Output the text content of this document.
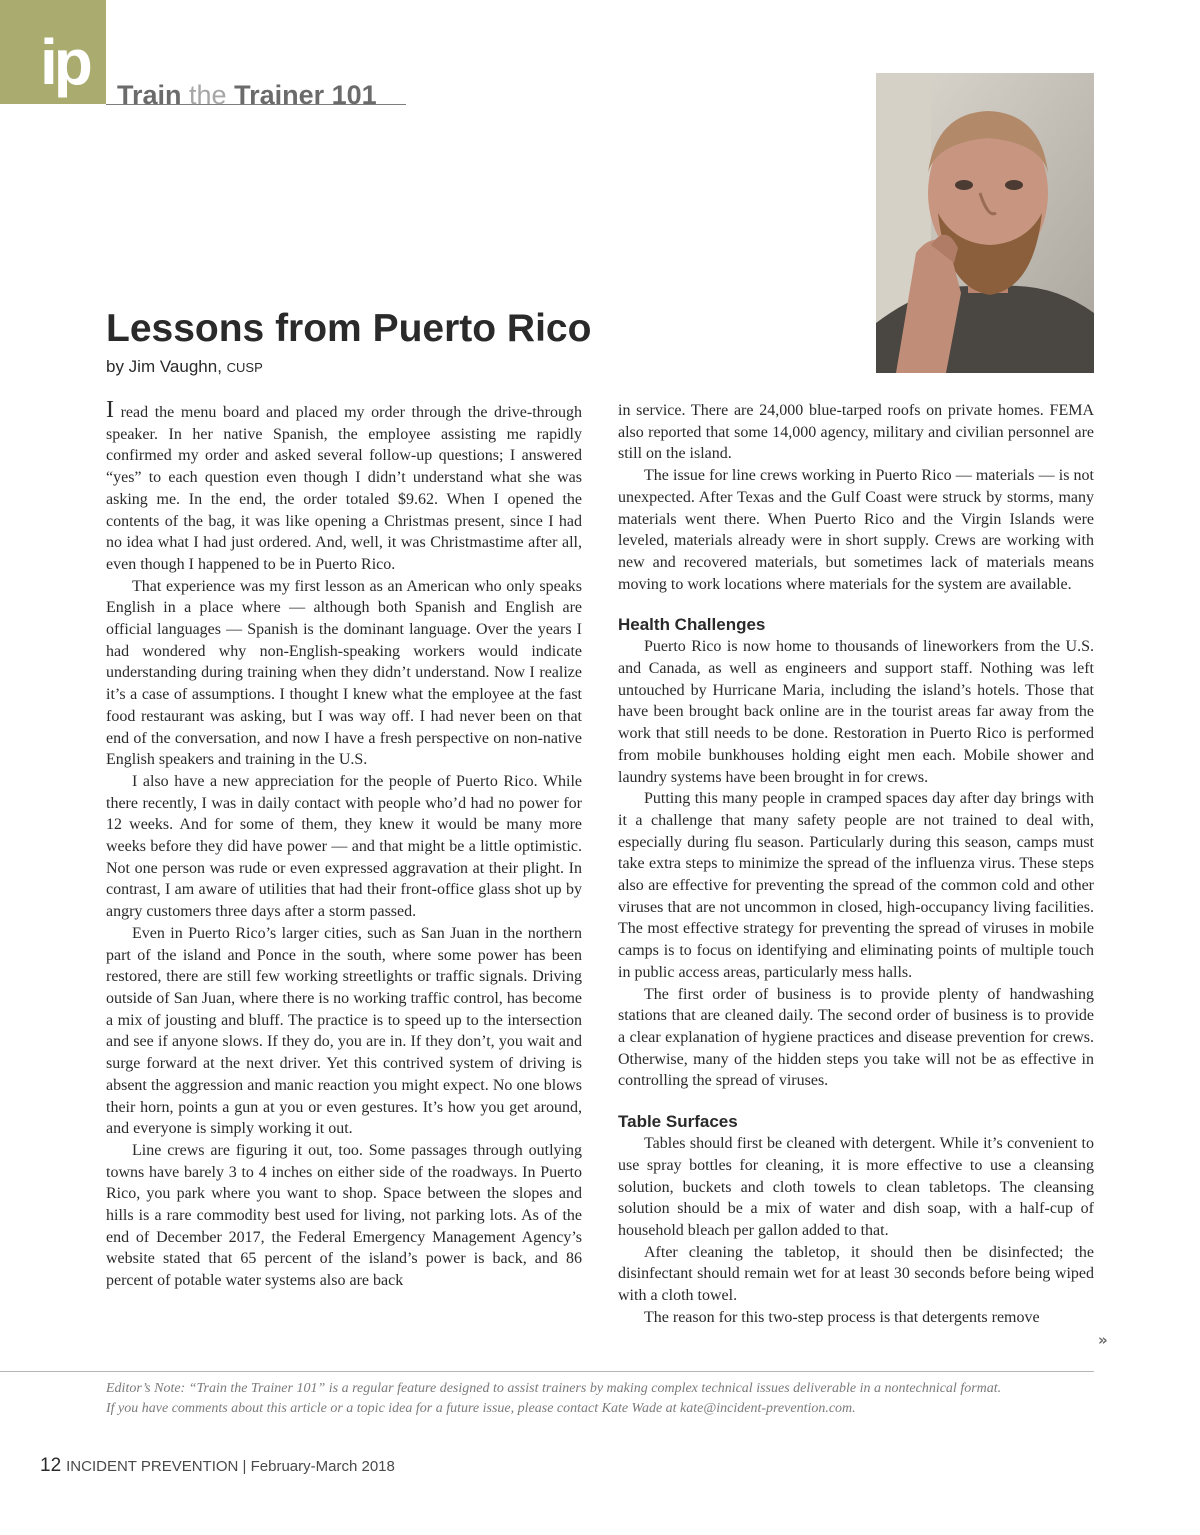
ip Train the Trainer 101
Lessons from Puerto Rico
by Jim Vaughn, CUSP

I read the menu board and placed my order through the drive-through speaker. In her native Spanish, the employee assisting me rapidly confirmed my order and asked several follow-up questions; I answered “yes” to each question even though I didn’t understand what she was asking me. In the end, the order totaled $9.62. When I opened the contents of the bag, it was like opening a Christmas present, since I had no idea what I had just ordered. And, well, it was Christmastime after all, even though I happened to be in Puerto Rico.

That experience was my first lesson as an American who only speaks English in a place where — although both Spanish and English are official languages — Spanish is the dominant language. Over the years I had wondered why non-English-speaking workers would indicate understanding during training when they didn’t understand. Now I realize it’s a case of assumptions. I thought I knew what the employee at the fast food restaurant was asking, but I was way off. I had never been on that end of the conversation, and now I have a fresh perspective on non-native English speakers and training in the U.S.

I also have a new appreciation for the people of Puerto Rico. While there recently, I was in daily contact with people who’d had no power for 12 weeks. And for some of them, they knew it would be many more weeks before they did have power — and that might be a little optimistic. Not one person was rude or even expressed aggravation at their plight. In contrast, I am aware of utilities that had their front-office glass shot up by angry customers three days after a storm passed.

Even in Puerto Rico’s larger cities, such as San Juan in the northern part of the island and Ponce in the south, where some power has been restored, there are still few working streetlights or traffic signals. Driving outside of San Juan, where there is no working traffic control, has become a mix of jousting and bluff. The practice is to speed up to the intersection and see if anyone slows. If they do, you are in. If they don’t, you wait and surge forward at the next driver. Yet this contrived system of driving is absent the aggression and manic reaction you might expect. No one blows their horn, points a gun at you or even gestures. It’s how you get around, and everyone is simply working it out.

Line crews are figuring it out, too. Some passages through outlying towns have barely 3 to 4 inches on either side of the roadways. In Puerto Rico, you park where you want to shop. Space between the slopes and hills is a rare commodity best used for living, not parking lots. As of the end of December 2017, the Federal Emergency Management Agency’s website stated that 65 percent of the island’s power is back, and 86 percent of potable water systems also are back

in service. There are 24,000 blue-tarped roofs on private homes. FEMA also reported that some 14,000 agency, military and civilian personnel are still on the island.

The issue for line crews working in Puerto Rico — materials — is not unexpected. After Texas and the Gulf Coast were struck by storms, many materials went there. When Puerto Rico and the Virgin Islands were leveled, materials already were in short supply. Crews are working with new and recovered materials, but sometimes lack of materials means moving to work locations where materials for the system are available.

Health Challenges

Puerto Rico is now home to thousands of lineworkers from the U.S. and Canada, as well as engineers and support staff. Nothing was left untouched by Hurricane Maria, including the island’s hotels. Those that have been brought back online are in the tourist areas far away from the work that still needs to be done. Restoration in Puerto Rico is performed from mobile bunkhouses holding eight men each. Mobile shower and laundry systems have been brought in for crews.

Putting this many people in cramped spaces day after day brings with it a challenge that many safety people are not trained to deal with, especially during flu season. Particularly during this season, camps must take extra steps to minimize the spread of the influenza virus. These steps also are effective for preventing the spread of the common cold and other viruses that are not uncommon in closed, high-occupancy living facilities. The most effective strategy for preventing the spread of viruses in mobile camps is to focus on identifying and eliminating points of multiple touch in public access areas, particularly mess halls.

The first order of business is to provide plenty of handwashing stations that are cleaned daily. The second order of business is to provide a clear explanation of hygiene practices and disease prevention for crews. Otherwise, many of the hidden steps you take will not be as effective in controlling the spread of viruses.

Table Surfaces

Tables should first be cleaned with detergent. While it’s convenient to use spray bottles for cleaning, it is more effective to use a cleansing solution, buckets and cloth towels to clean tabletops. The cleansing solution should be a mix of water and dish soap, with a half-cup of household bleach per gallon added to that.

After cleaning the tabletop, it should then be disinfected; the disinfectant should remain wet for at least 30 seconds before being wiped with a cloth towel.

The reason for this two-step process is that detergents remove

»

Editor’s Note: “Train the Trainer 101” is a regular feature designed to assist trainers by making complex technical issues deliverable in a nontechnical format.
If you have comments about this article or a topic idea for a future issue, please contact Kate Wade at kate@incident-prevention.com.

12 INCIDENT PREVENTION | February-March 2018
